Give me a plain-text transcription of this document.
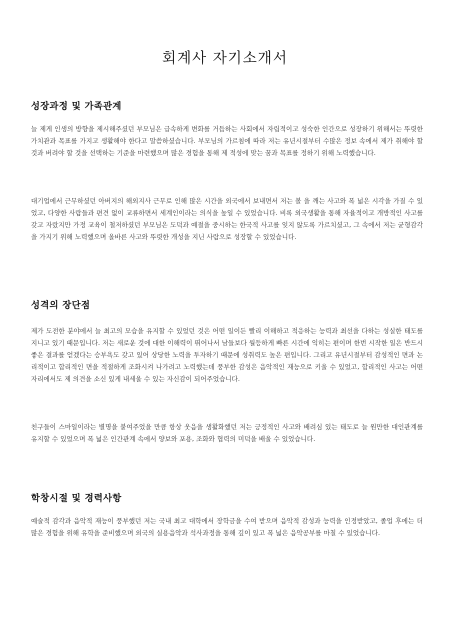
회계사 자기소개서
성장과정 및 가족관계

늘 제게 인생의 방향을 제시해주셨던 부모님은 급속하게 변화를 거듭하는 사회에서 자립적이고 성숙한 인간으로 성장하기 위해서는 뚜렷한 가치관과 목표를 가지고 생활해야 한다고 말씀하셨습니다. 부모님의 가르침에 따라 저는 유년시절부터 수많은 정보 속에서 제가 취해야 할 것과 버려야 할 것을 선택하는 기준을 마련했으며 많은 경험을 통해 제 적성에 맞는 꿈과 목표를 정하기 위해 노력했습니다.

대기업에서 근무하셨던 아버지의 해외지사 근무로 인해 많은 시간을 외국에서 보내면서 저는 볼 을 깨는 사고와 폭 넓은 시각을 가질 수 있었고, 다양한 사람들과 편견 없이 교류하면서 세계인이라는 의식을 높일 수 있었습니다. 비록 외국생활을 통해 자율적이고 개방적인 사고를 갖고 자랐지만 가정 교육이 철저하셨던 부모님은 도덕과 예절을 중시하는 한국적 사고를 잊지 않도록 가르치셨고, 그 속에서 저는 균형감각을 가지기 위해 노력했으며 올바른 사고와 뚜렷한 개성을 지닌 사람으로 성장할 수 있었습니다.

성격의 장단점

제가 도전한 분야에서 늘 최고의 모습을 유지할 수 있었던 것은 어떤 일이든 빨리 이해하고 적응하는 능력과 최선을 다하는 성실한 태도를 지니고 있기 때문입니다. 저는 새로운 것에 대한 이해력이 뛰어나서 남들보다 월등하게 빠른 시간에 익히는 편이며 한번 시작한 일은 반드시 좋은 결과를 얻겠다는 승부욕도 갖고 있어 상당한 노력을 투자하기 때문에 성취력도 높은 편입니다. 그리고 유년시절부터 감성적인 면과 논리적이고 합리적인 면을 적절하게 조화시켜 나가려고 노력했는데 풍부한 감성은 음악적인 재능으로 키울 수 있었고, 합리적인 사고는 어떤 자리에서도 제 의견을 소신 있게 내세울 수 있는 자신감이 되어주었습니다.

친구들이 스마일이라는 별명을 붙여주었을 만큼 항상 웃음을 생활화했던 저는 긍정적인 사고와 배려심 있는 태도로 늘 원만한 대인관계를 유지할 수 있었으며 폭 넓은 인간관계 속에서 양보와 포용, 조화와 협력의 미덕을 배울 수 있었습니다.

학창시절 및 경력사항

예술적 감각과 음악적 재능이 풍부했던 저는 국내 최고 대학에서 장학금을 수여 받으며 음악적 감성과 능력을 인정받았고, 졸업 후에는 더 많은 경험을 위해 유학을 준비했으며 외국의 실용음악과 석사과정을 통해 깊이 있고 폭 넓은 음악공부를 마칠 수 있었습니다.
